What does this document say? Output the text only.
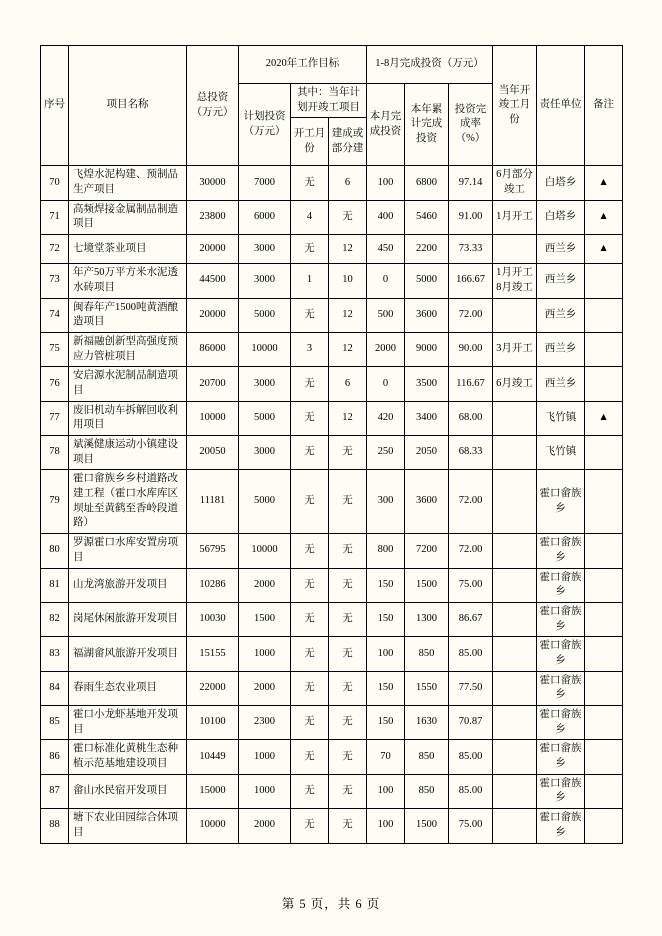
序号	项目名称	总投资（万元）	2020年工作目标			1-8月完成投资（万元）			当年开竣工月份	责任单位	备注
			计划投资（万元）	其中：当年计划开竣工项目		本月完成投资	本年累计完成投资	投资完成率（%）			
				开工月份	建成或部分建						
70	飞煌水泥构建、预制品生产项目	30000	7000	无	6	100	6800	97.14	6月部分竣工	白塔乡	▲
71	高频焊接金属制品制造项目	23800	6000	4	无	400	5460	91.00	1月开工	白塔乡	▲
72	七境堂茶业项目	20000	3000	无	12	450	2200	73.33		西兰乡	▲
73	年产50万平方米水泥透水砖项目	44500	3000	1	10	0	5000	166.67	1月开工8月竣工	西兰乡	
74	闽春年产1500吨黄酒酿造项目	20000	5000	无	12	500	3600	72.00		西兰乡	
75	新福融创新型高强度预应力管桩项目	86000	10000	3	12	2000	9000	90.00	3月开工	西兰乡	
76	安启源水泥制品制造项目	20700	3000	无	6	0	3500	116.67	6月竣工	西兰乡	
77	废旧机动车拆解回收利用项目	10000	5000	无	12	420	3400	68.00		飞竹镇	▲
78	斌溪健康运动小镇建设项目	20050	3000	无	无	250	2050	68.33		飞竹镇	
79	霍口畲族乡乡村道路改建工程（霍口水库库区坝址至黄鹤至香岭段道路）	11181	5000	无	无	300	3600	72.00		霍口畲族乡	
80	罗源霍口水库安置房项目	56795	10000	无	无	800	7200	72.00		霍口畲族乡	
81	山龙湾旅游开发项目	10286	2000	无	无	150	1500	75.00		霍口畲族乡	
82	岗尾休闲旅游开发项目	10030	1500	无	无	150	1300	86.67		霍口畲族乡	
83	福湖畲风旅游开发项目	15155	1000	无	无	100	850	85.00		霍口畲族乡	
84	春雨生态农业项目	22000	2000	无	无	150	1550	77.50		霍口畲族乡	
85	霍口小龙虾基地开发项目	10100	2300	无	无	150	1630	70.87		霍口畲族乡	
86	霍口标准化黄桃生态种植示范基地建设项目	10449	1000	无	无	70	850	85.00		霍口畲族乡	
87	畲山水民宿开发项目	15000	1000	无	无	100	850	85.00		霍口畲族乡	
88	塘下农业田园综合体项目	10000	2000	无	无	100	1500	75.00		霍口畲族乡	
第 5 页，共 6 页
